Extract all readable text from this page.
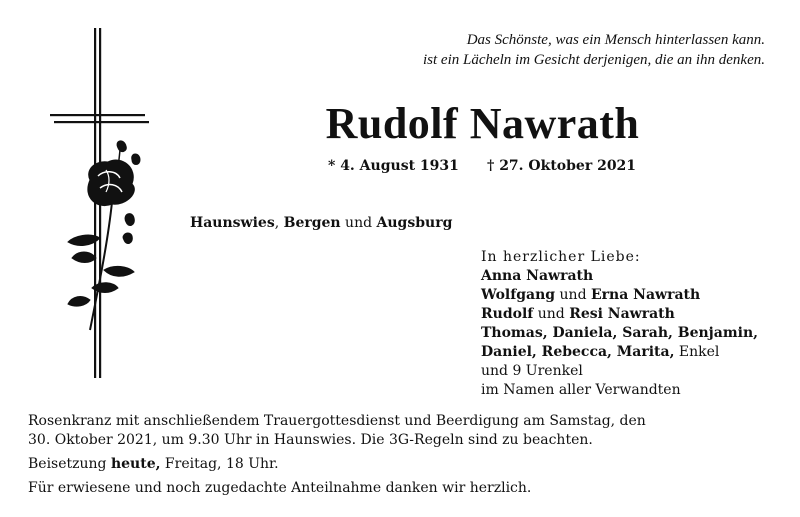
Das Schönste, was ein Mensch hinterlassen kann.
ist ein Lächeln im Gesicht derjenigen, die an ihn denken.
Rudolf Nawrath
* 4. August 1931 † 27. Oktober 2021
Haunswies, Bergen und Augsburg
In herzlicher Liebe:
Anna Nawrath
Wolfgang und Erna Nawrath
Rudolf und Resi Nawrath
Thomas, Daniela, Sarah, Benjamin,
Daniel, Rebecca, Marita, Enkel
und 9 Urenkel
im Namen aller Verwandten

Rosenkranz mit anschließendem Trauergottesdienst und Beerdigung am Samstag, den
30. Oktober 2021, um 9.30 Uhr in Haunswies. Die 3G-Regeln sind zu beachten.

Beisetzung heute, Freitag, 18 Uhr.

Für erwiesene und noch zugedachte Anteilnahme danken wir herzlich.
